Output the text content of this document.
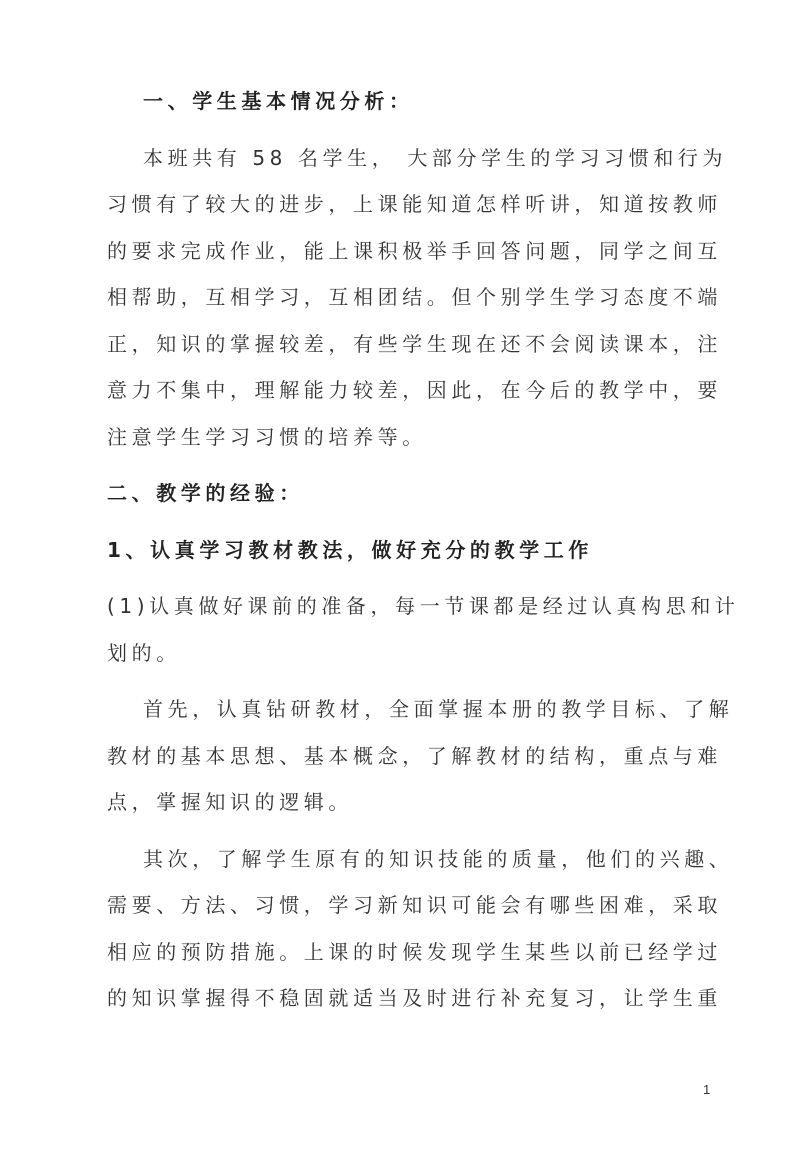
一、学生基本情况分析：
本班共有 58 名学生， 大部分学生的学习习惯和行为
习惯有了较大的进步，上课能知道怎样听讲，知道按教师
的要求完成作业，能上课积极举手回答问题，同学之间互
相帮助，互相学习，互相团结。但个别学生学习态度不端
正，知识的掌握较差，有些学生现在还不会阅读课本，注
意力不集中，理解能力较差，因此，在今后的教学中，要
注意学生学习习惯的培养等。
二、教学的经验：
1、认真学习教材教法，做好充分的教学工作
(1)认真做好课前的准备，每一节课都是经过认真构思和计
划的。
首先，认真钻研教材，全面掌握本册的教学目标、了解
教材的基本思想、基本概念，了解教材的结构，重点与难
点，掌握知识的逻辑。
其次，了解学生原有的知识技能的质量，他们的兴趣、
需要、方法、习惯，学习新知识可能会有哪些困难，采取
相应的预防措施。上课的时候发现学生某些以前已经学过
的知识掌握得不稳固就适当及时进行补充复习，让学生重
1
